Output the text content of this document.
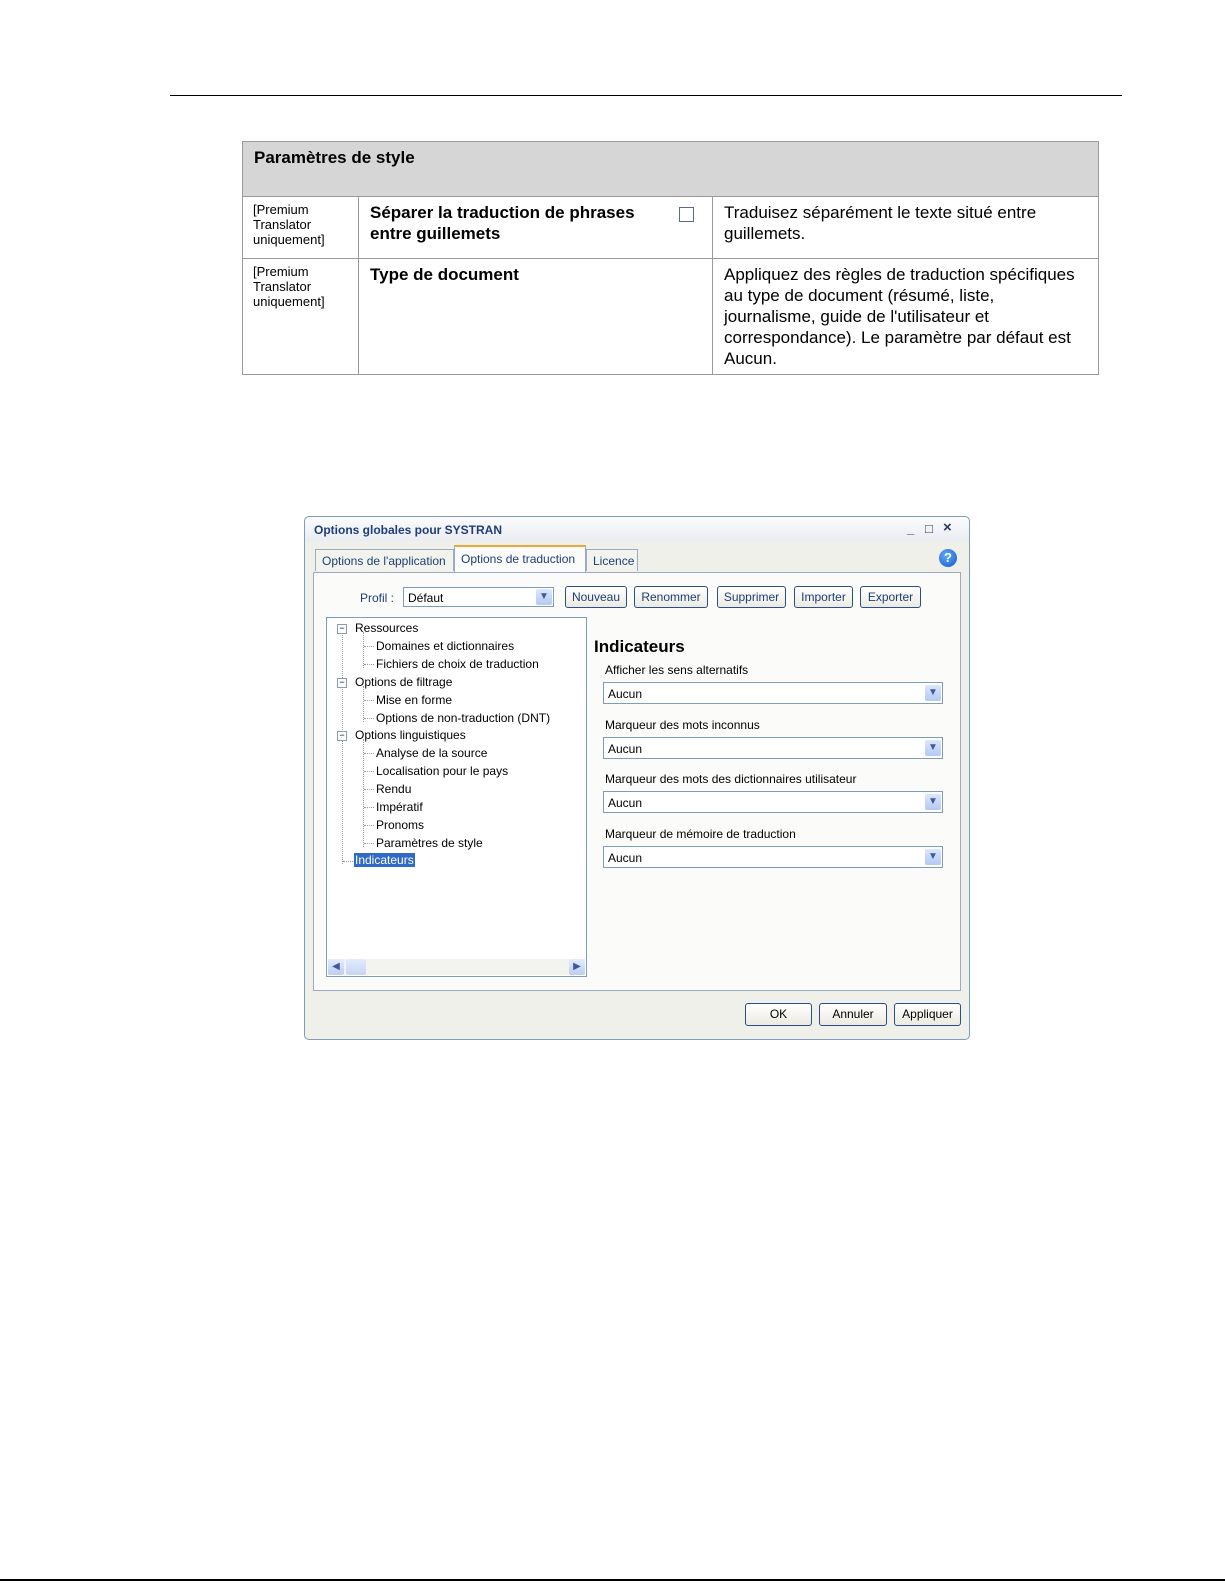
Paramètres de style		
[Premium Translator uniquement]	Séparer la traduction de phrases entre guillemets	Traduisez séparément le texte situé entre guillemets.
[Premium Translator uniquement]	Type de document	Appliquez des règles de traduction spécifiques au type de document (résumé, liste, journalisme, guide de l'utilisateur et correspondance). Le paramètre par défaut est Aucun.
Options globales pour SYSTRAN	_ □ ×
Options de l'application	Options de traduction	Licence	?
Profil : Défaut	▼	Nouveau	Renommer	Supprimer	Importer	Exporter
− Ressources
Domaines et dictionnaires
Fichiers de choix de traduction
− Options de filtrage
Mise en forme
Options de non-traduction (DNT)
− Options linguistiques
Analyse de la source
Localisation pour le pays
Rendu
Impératif
Pronoms
Paramètres de style
Indicateurs
◀	▶
Indicateurs
Afficher les sens alternatifs
Aucun	▼
Marqueur des mots inconnus
Aucun	▼
Marqueur des mots des dictionnaires utilisateur
Aucun	▼
Marqueur de mémoire de traduction
Aucun	▼
OK	Annuler	Appliquer
